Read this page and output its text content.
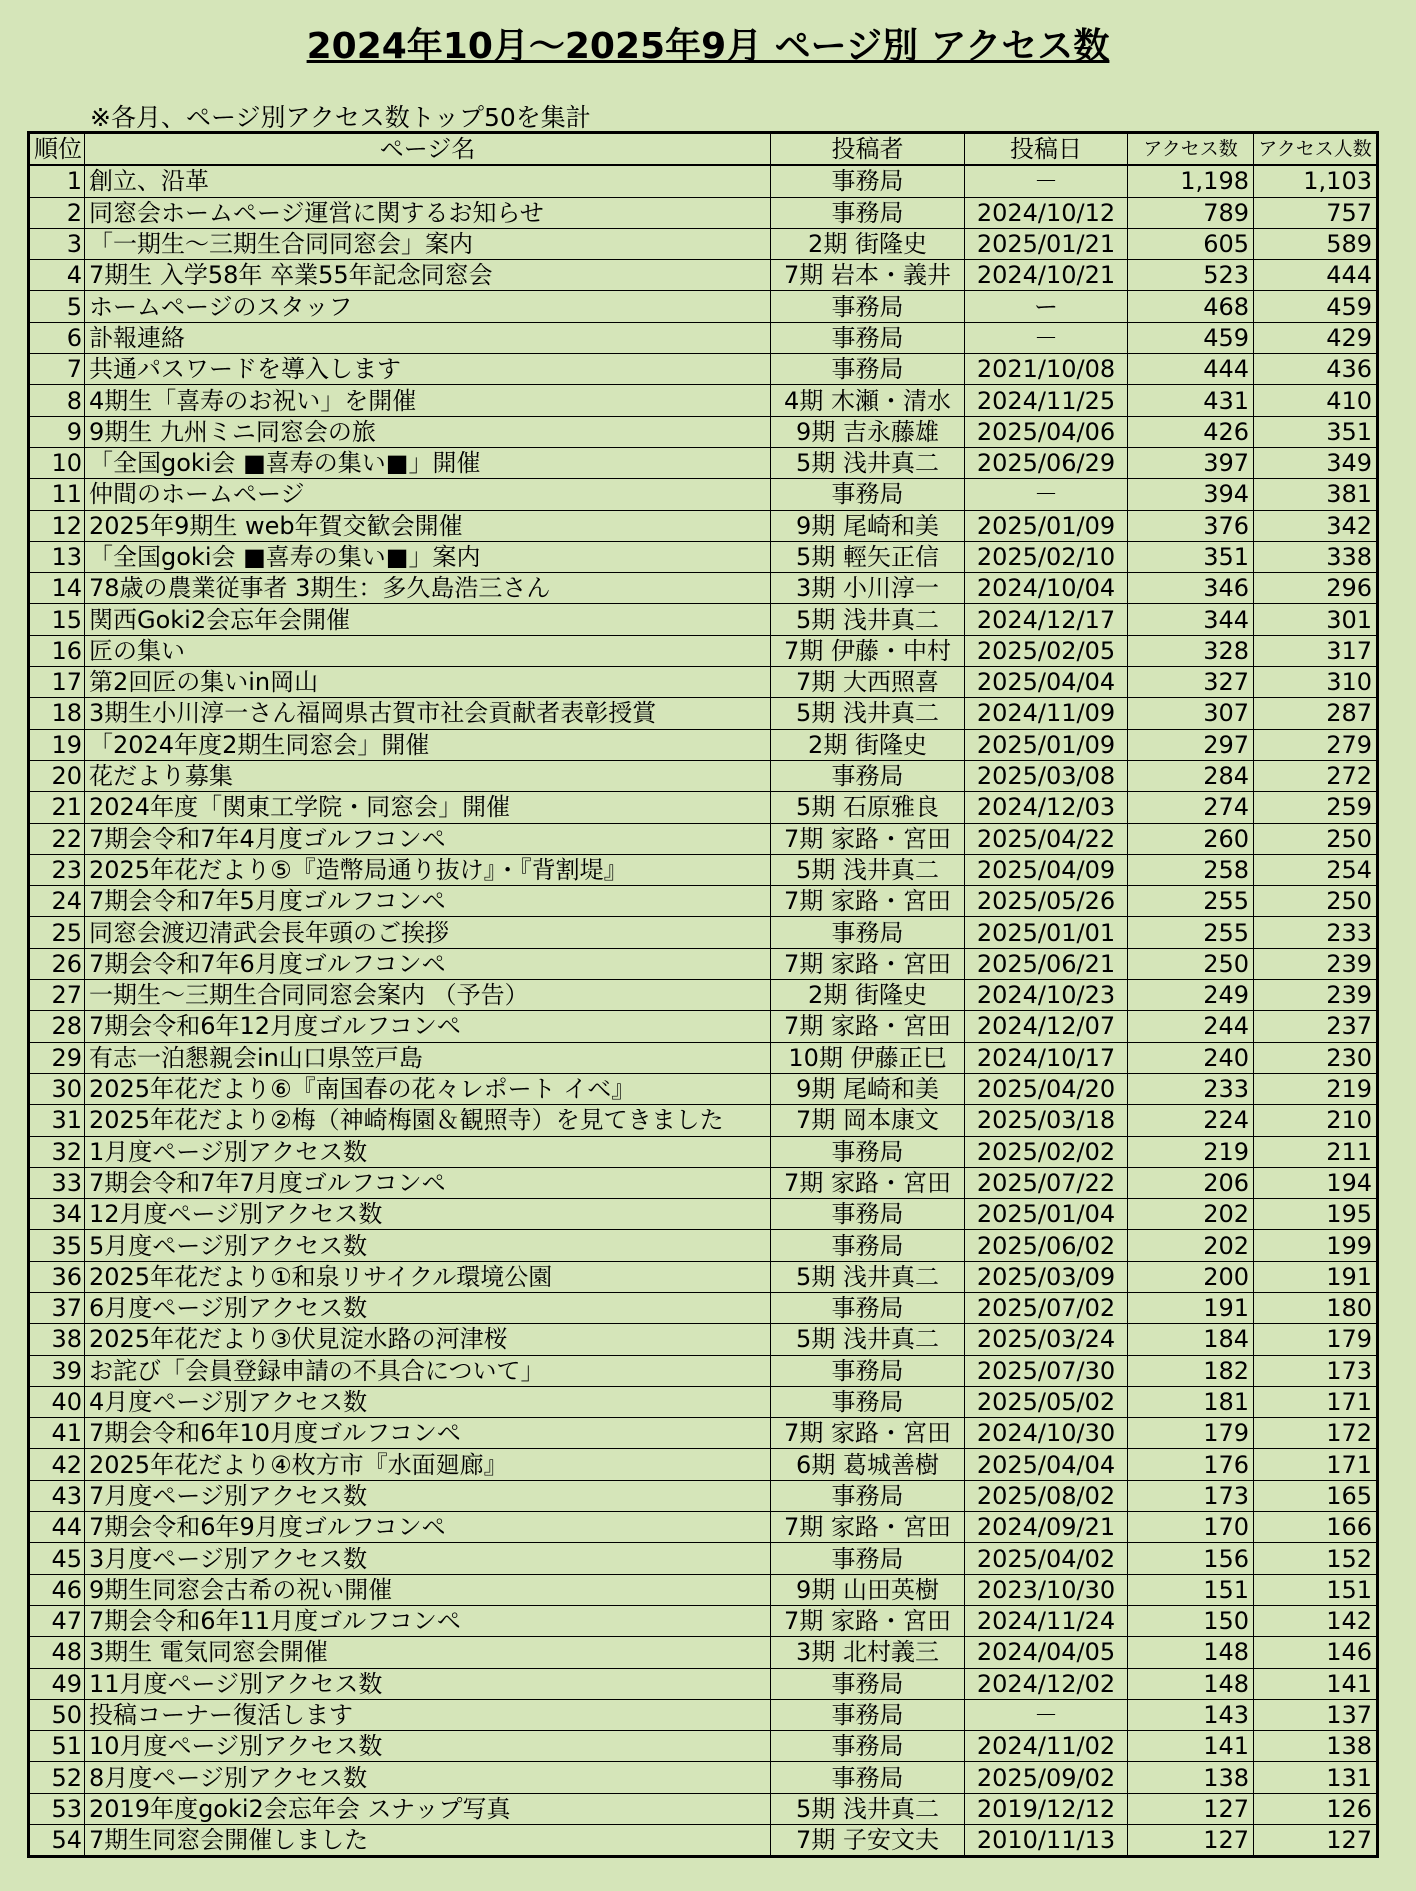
2024年10月～2025年9月 ページ別 アクセス数
※各月、ページ別アクセス数トップ50を集計
順位	ページ名	投稿者	投稿日	アクセス数	アクセス人数
1	創立、沿革	事務局	－	1,198	1,103
2	同窓会ホームページ運営に関するお知らせ	事務局	2024/10/12	789	757
3	「一期生～三期生合同同窓会」案内	2期 街隆史	2025/01/21	605	589
4	7期生 入学58年 卒業55年記念同窓会	7期 岩本・義井	2024/10/21	523	444
5	ホームページのスタッフ	事務局	ー	468	459
6	訃報連絡	事務局	－	459	429
7	共通パスワードを導入します	事務局	2021/10/08	444	436
8	4期生「喜寿のお祝い」を開催	4期 木瀬・清水	2024/11/25	431	410
9	9期生 九州ミニ同窓会の旅	9期 吉永藤雄	2025/04/06	426	351
10	「全国goki会 ■喜寿の集い■」開催	5期 浅井真二	2025/06/29	397	349
11	仲間のホームページ	事務局	－	394	381
12	2025年9期生 web年賀交歓会開催	9期 尾崎和美	2025/01/09	376	342
13	「全国goki会 ■喜寿の集い■」案内	5期 輕矢正信	2025/02/10	351	338
14	78歳の農業従事者 3期生：多久島浩三さん	3期 小川淳一	2024/10/04	346	296
15	関西Goki2会忘年会開催	5期 浅井真二	2024/12/17	344	301
16	匠の集い	7期 伊藤・中村	2025/02/05	328	317
17	第2回匠の集いin岡山	7期 大西照喜	2025/04/04	327	310
18	3期生小川淳一さん福岡県古賀市社会貢献者表彰授賞	5期 浅井真二	2024/11/09	307	287
19	「2024年度2期生同窓会」開催	2期 街隆史	2025/01/09	297	279
20	花だより募集	事務局	2025/03/08	284	272
21	2024年度「関東工学院・同窓会」開催	5期 石原雅良	2024/12/03	274	259
22	7期会令和7年4月度ゴルフコンペ	7期 家路・宮田	2025/04/22	260	250
23	2025年花だより⑤『造幣局通り抜け』・『背割堤』	5期 浅井真二	2025/04/09	258	254
24	7期会令和7年5月度ゴルフコンペ	7期 家路・宮田	2025/05/26	255	250
25	同窓会渡辺清武会長年頭のご挨拶	事務局	2025/01/01	255	233
26	7期会令和7年6月度ゴルフコンペ	7期 家路・宮田	2025/06/21	250	239
27	一期生～三期生合同同窓会案内 （予告）	2期 街隆史	2024/10/23	249	239
28	7期会令和6年12月度ゴルフコンペ	7期 家路・宮田	2024/12/07	244	237
29	有志一泊懇親会in山口県笠戸島	10期 伊藤正巳	2024/10/17	240	230
30	2025年花だより⑥『南国春の花々レポート イベ』	9期 尾崎和美	2025/04/20	233	219
31	2025年花だより②梅（神崎梅園＆観照寺）を見てきました	7期 岡本康文	2025/03/18	224	210
32	1月度ページ別アクセス数	事務局	2025/02/02	219	211
33	7期会令和7年7月度ゴルフコンペ	7期 家路・宮田	2025/07/22	206	194
34	12月度ページ別アクセス数	事務局	2025/01/04	202	195
35	5月度ページ別アクセス数	事務局	2025/06/02	202	199
36	2025年花だより①和泉リサイクル環境公園	5期 浅井真二	2025/03/09	200	191
37	6月度ページ別アクセス数	事務局	2025/07/02	191	180
38	2025年花だより③伏見淀水路の河津桜	5期 浅井真二	2025/03/24	184	179
39	お詫び「会員登録申請の不具合について」	事務局	2025/07/30	182	173
40	4月度ページ別アクセス数	事務局	2025/05/02	181	171
41	7期会令和6年10月度ゴルフコンペ	7期 家路・宮田	2024/10/30	179	172
42	2025年花だより④枚方市『水面廻廊』	6期 葛城善樹	2025/04/04	176	171
43	7月度ページ別アクセス数	事務局	2025/08/02	173	165
44	7期会令和6年9月度ゴルフコンペ	7期 家路・宮田	2024/09/21	170	166
45	3月度ページ別アクセス数	事務局	2025/04/02	156	152
46	9期生同窓会古希の祝い開催	9期 山田英樹	2023/10/30	151	151
47	7期会令和6年11月度ゴルフコンペ	7期 家路・宮田	2024/11/24	150	142
48	3期生 電気同窓会開催	3期 北村義三	2024/04/05	148	146
49	11月度ページ別アクセス数	事務局	2024/12/02	148	141
50	投稿コーナー復活します	事務局	－	143	137
51	10月度ページ別アクセス数	事務局	2024/11/02	141	138
52	8月度ページ別アクセス数	事務局	2025/09/02	138	131
53	2019年度goki2会忘年会 スナップ写真	5期 浅井真二	2019/12/12	127	126
54	7期生同窓会開催しました	7期 子安文夫	2010/11/13	127	127
